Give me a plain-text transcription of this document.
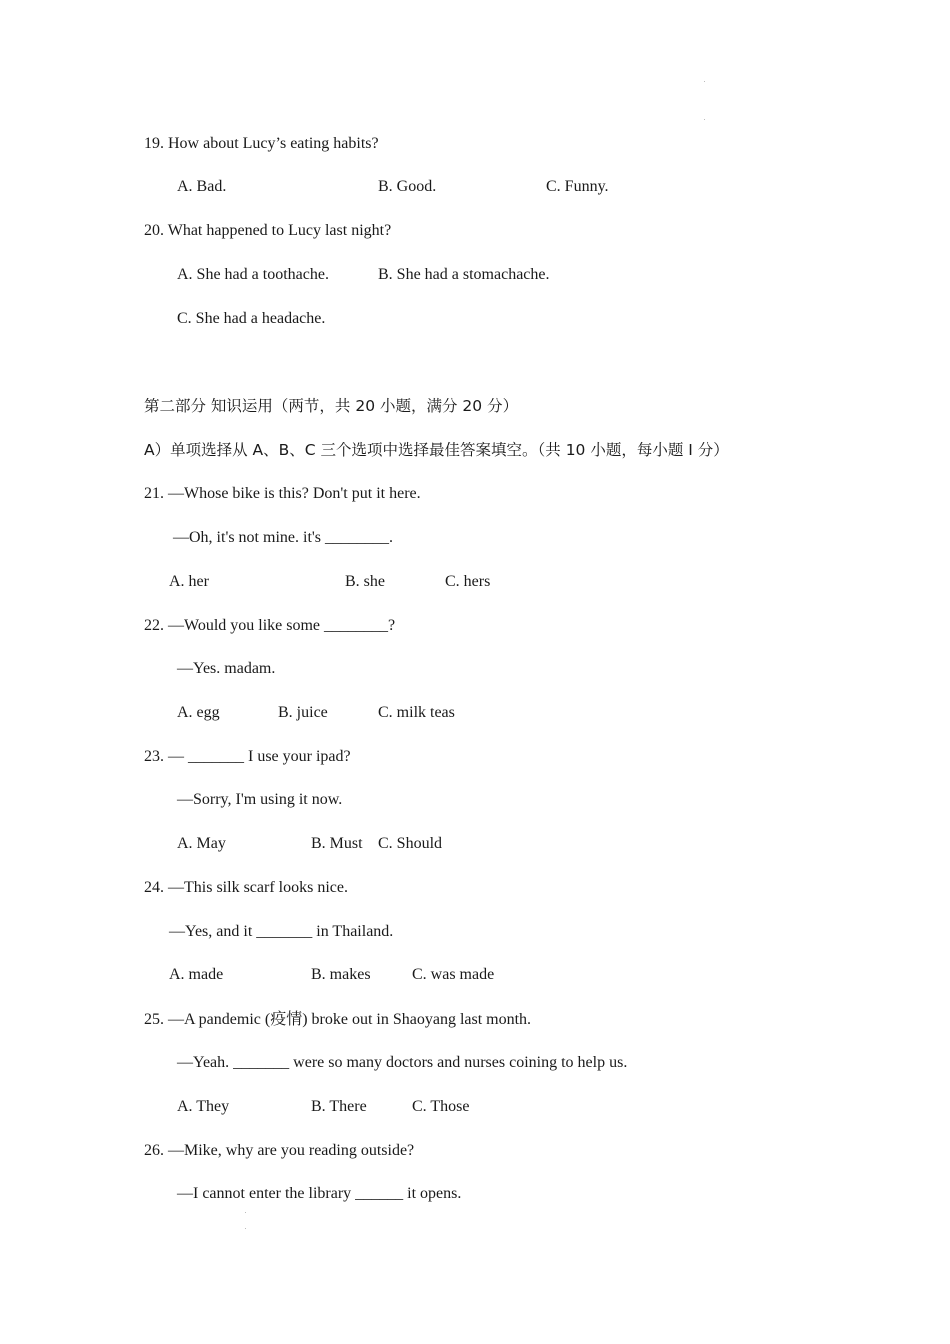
19. How about Lucy’s eating habits?
A. Bad.	B. Good.	C. Funny.
20. What happened to Lucy last night?
A. She had a toothache.	B. She had a stomachache.
C. She had a headache.
第二部分 知识运用（两节，共 20 小题，满分 20 分）
A）单项选择从 A、B、C 三个选项中选择最佳答案填空。（共 10 小题，每小题 I 分）
21. —Whose bike is this? Don't put it here.
—Oh, it's not mine. it's ________.
A. her	B. she	C. hers
22. —Would you like some ________?
—Yes. madam.
A. egg	B. juice	C. milk teas
23. — _______ I use your ipad?
—Sorry, I'm using it now.
A. May	B. Must C. Should
24. —This silk scarf looks nice.
—Yes, and it _______ in Thailand.
A. made	B. makes	C. was made
25. —A pandemic (疫情) broke out in Shaoyang last month.
—Yeah. _______ were so many doctors and nurses coining to help us.
A. They	B. There	C. Those
26. —Mike, why are you reading outside?
—I cannot enter the library ______ it opens.
